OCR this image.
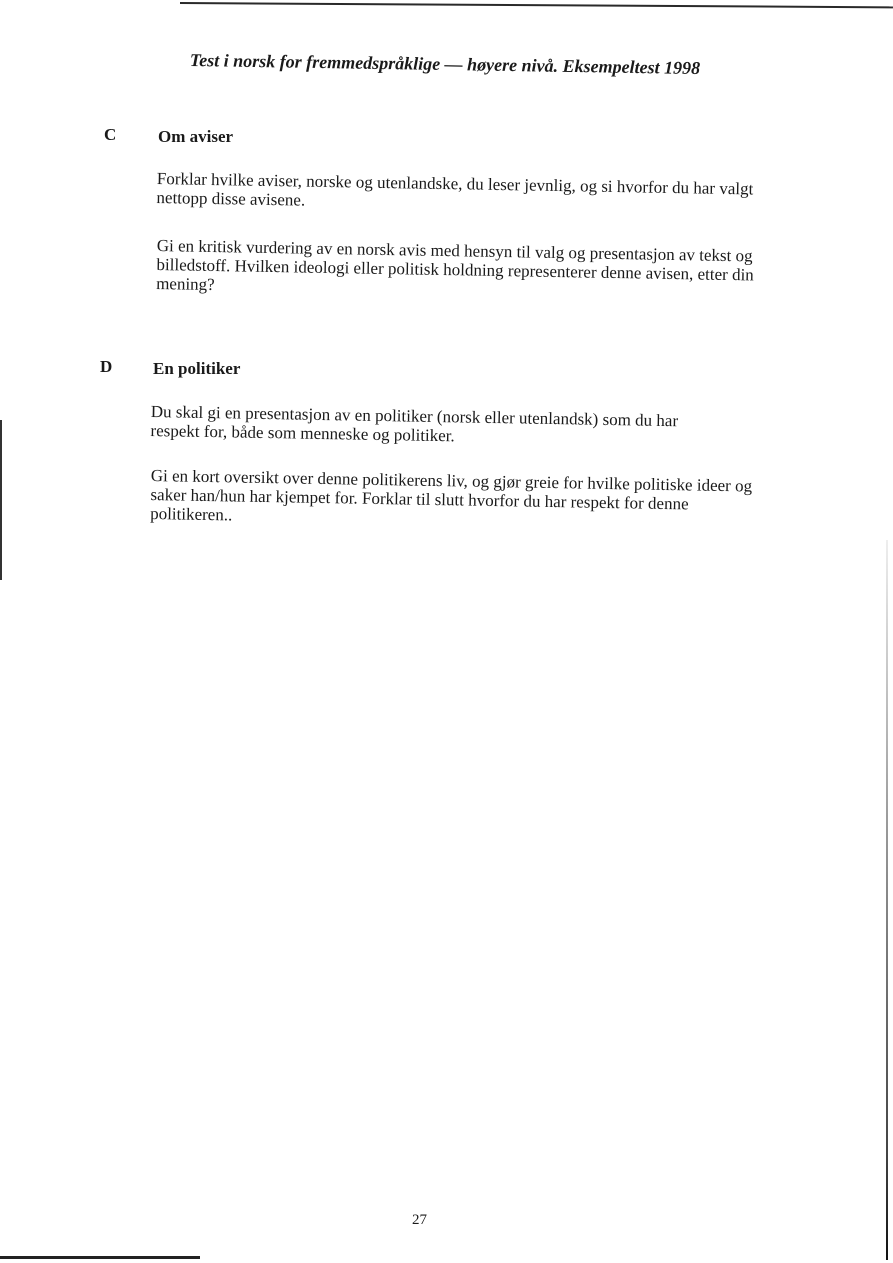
Test i norsk for fremmedspråklige — høyere nivå. Eksempeltest 1998
C Om aviser
Forklar hvilke aviser, norske og utenlandske, du leser jevnlig, og si hvorfor du har valgt nettopp disse avisene.
Gi en kritisk vurdering av en norsk avis med hensyn til valg og presentasjon av tekst og billedstoff. Hvilken ideologi eller politisk holdning representerer denne avisen, etter din mening?
D En politiker
Du skal gi en presentasjon av en politiker (norsk eller utenlandsk) som du har respekt for, både som menneske og politiker.
Gi en kort oversikt over denne politikerens liv, og gjør greie for hvilke politiske ideer og saker han/hun har kjempet for. Forklar til slutt hvorfor du har respekt for denne politikeren..
27
